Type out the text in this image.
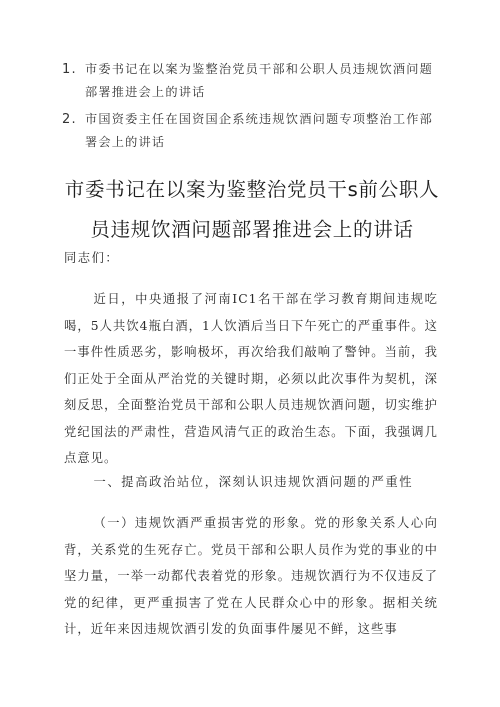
1. 市委书记在以案为鉴整治党员干部和公职人员违规饮酒问题部署推进会上的讲话
2. 市国资委主任在国资国企系统违规饮酒问题专项整治工作部署会上的讲话
市委书记在以案为鉴整治党员干s前公职人员违规饮酒问题部署推进会上的讲话
同志们：
近日，中央通报了河南IC1名干部在学习教育期间违规吃喝，5人共饮4瓶白酒，1人饮酒后当日下午死亡的严重事件。这一事件性质恶劣，影响极坏，再次给我们敲响了警钟。当前，我们正处于全面从严治党的关键时期，必须以此次事件为契机，深刻反思，全面整治党员干部和公职人员违规饮酒问题，切实维护党纪国法的严肃性，营造风清气正的政治生态。下面，我强调几点意见。
一、提高政治站位，深刻认识违规饮酒问题的严重性
（一）违规饮酒严重损害党的形象。党的形象关系人心向背，关系党的生死存亡。党员干部和公职人员作为党的事业的中坚力量，一举一动都代表着党的形象。违规饮酒行为不仅违反了党的纪律，更严重损害了党在人民群众心中的形象。据相关统计，近年来因违规饮酒引发的负面事件屡见不鲜，这些事
